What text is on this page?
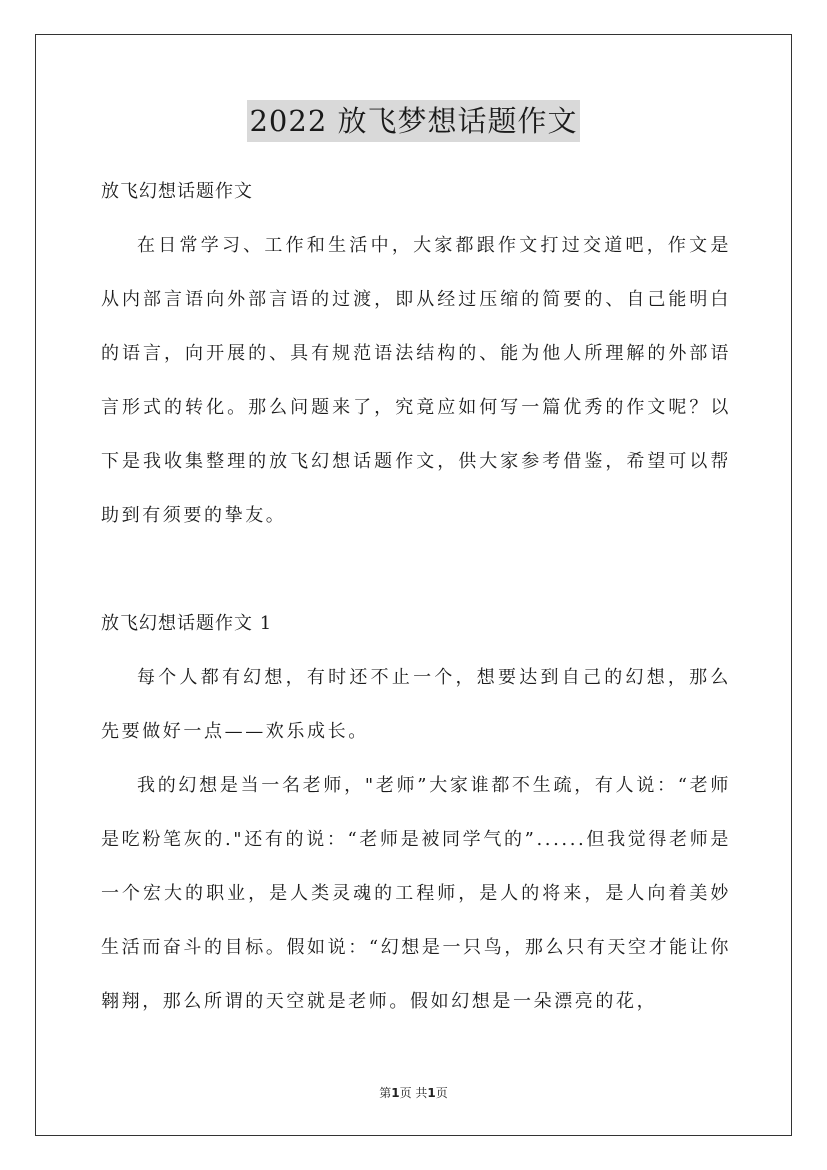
2022 放飞梦想话题作文

放飞幻想话题作文

在日常学习、工作和生活中，大家都跟作文打过交道吧，作文是从内部言语向外部言语的过渡，即从经过压缩的简要的、自己能明白的语言，向开展的、具有规范语法结构的、能为他人所理解的外部语言形式的转化。那么问题来了，究竟应如何写一篇优秀的作文呢？以下是我收集整理的放飞幻想话题作文，供大家参考借鉴，希望可以帮助到有须要的挚友。

放飞幻想话题作文 1

每个人都有幻想，有时还不止一个，想要达到自己的幻想，那么先要做好一点——欢乐成长。

我的幻想是当一名老师，"老师”大家谁都不生疏，有人说：“老师是吃粉笔灰的."还有的说：“老师是被同学气的”......但我觉得老师是一个宏大的职业，是人类灵魂的工程师，是人的将来，是人向着美妙生活而奋斗的目标。假如说：“幻想是一只鸟，那么只有天空才能让你翱翔，那么所谓的天空就是老师。假如幻想是一朵漂亮的花，

第1页 共1页
